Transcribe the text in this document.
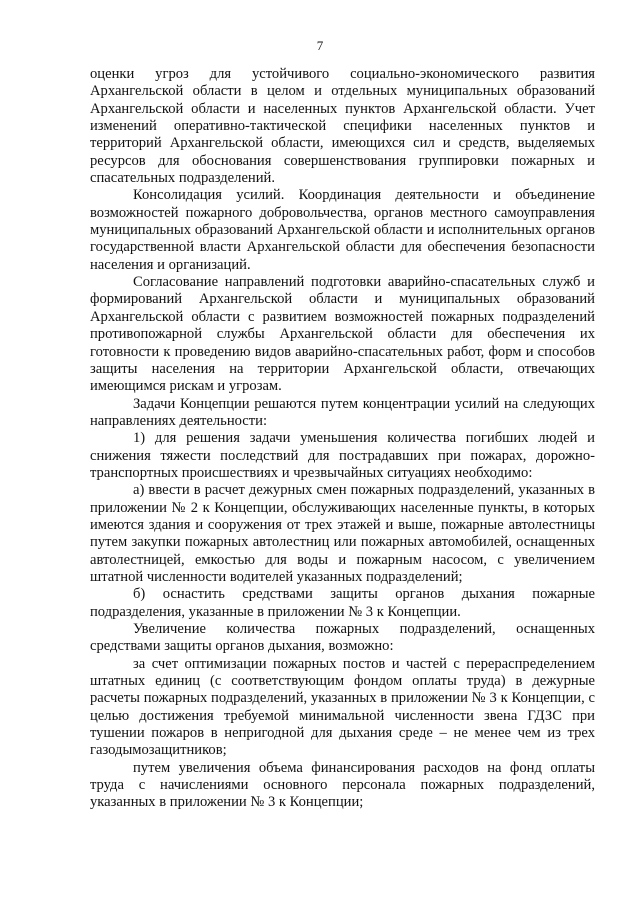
7

оценки угроз для устойчивого социально-экономического развития Архангельской области в целом и отдельных муниципальных образований Архангельской области и населенных пунктов Архангельской области. Учет изменений оперативно-тактической специфики населенных пунктов и территорий Архангельской области, имеющихся сил и средств, выделяемых ресурсов для обоснования совершенствования группировки пожарных и спасательных подразделений.

Консолидация усилий. Координация деятельности и объединение возможностей пожарного добровольчества, органов местного самоуправления муниципальных образований Архангельской области и исполнительных органов государственной власти Архангельской области для обеспечения безопасности населения и организаций.

Согласование направлений подготовки аварийно-спасательных служб и формирований Архангельской области и муниципальных образований Архангельской области с развитием возможностей пожарных подразделений противопожарной службы Архангельской области для обеспечения их готовности к проведению видов аварийно-спасательных работ, форм и способов защиты населения на территории Архангельской области, отвечающих имеющимся рискам и угрозам.

Задачи Концепции решаются путем концентрации усилий на следующих направлениях деятельности:

1) для решения задачи уменьшения количества погибших людей и снижения тяжести последствий для пострадавших при пожарах, дорожно-транспортных происшествиях и чрезвычайных ситуациях необходимо:

а) ввести в расчет дежурных смен пожарных подразделений, указанных в приложении № 2 к Концепции, обслуживающих населенные пункты, в которых имеются здания и сооружения от трех этажей и выше, пожарные автолестницы путем закупки пожарных автолестниц или пожарных автомобилей, оснащенных автолестницей, емкостью для воды и пожарным насосом, с увеличением штатной численности водителей указанных подразделений;

б) оснастить средствами защиты органов дыхания пожарные подразделения, указанные в приложении № 3 к Концепции.

Увеличение количества пожарных подразделений, оснащенных средствами защиты органов дыхания, возможно:

за счет оптимизации пожарных постов и частей с перераспределением штатных единиц (с соответствующим фондом оплаты труда) в дежурные расчеты пожарных подразделений, указанных в приложении № 3 к Концепции, с целью достижения требуемой минимальной численности звена ГДЗС при тушении пожаров в непригодной для дыхания среде – не менее чем из трех газодымозащитников;

путем увеличения объема финансирования расходов на фонд оплаты труда с начислениями основного персонала пожарных подразделений, указанных в приложении № 3 к Концепции;
